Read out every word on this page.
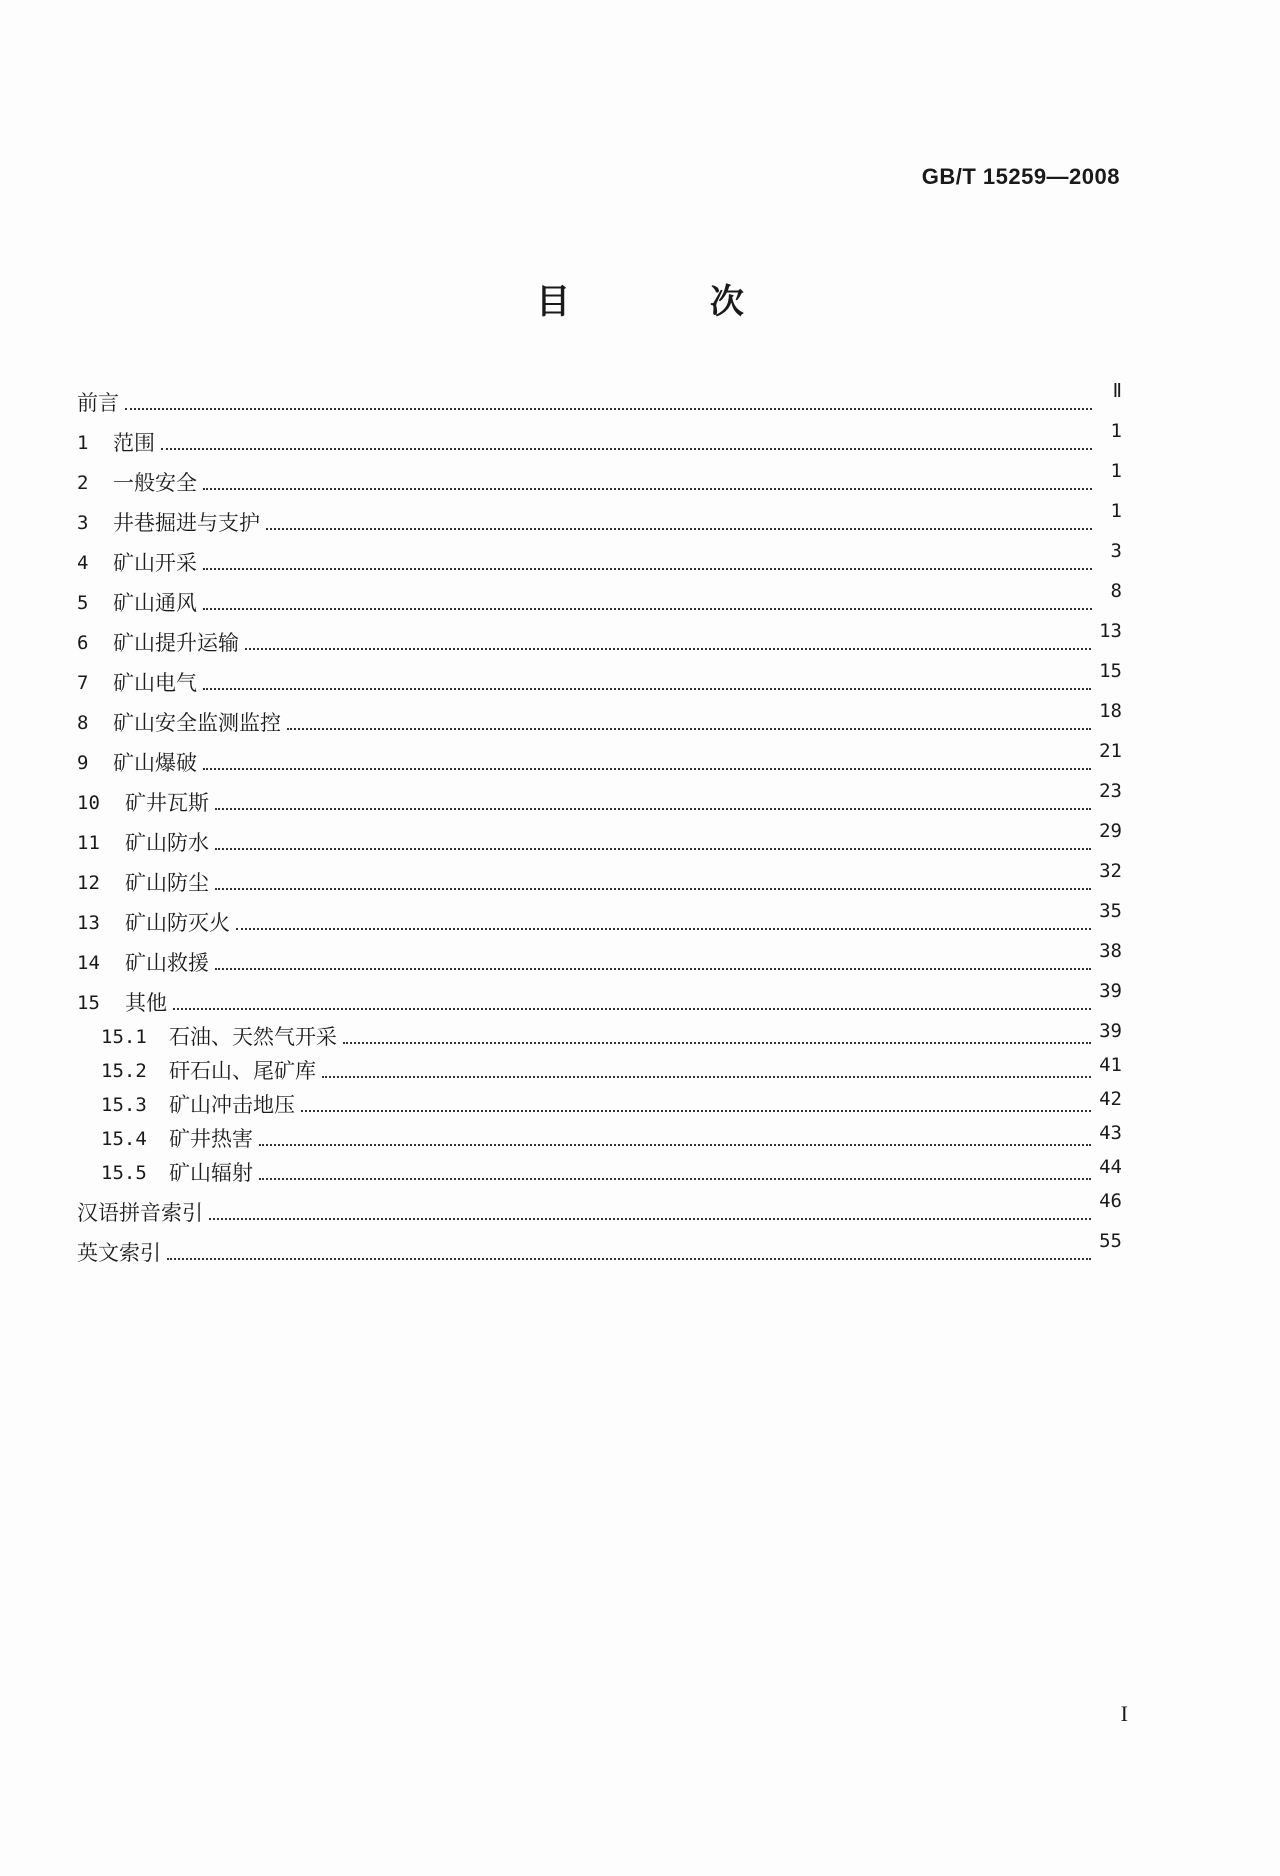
GB/T 15259—2008
目 次
前言	Ⅱ
1	范围	1
2	一般安全	1
3	井巷掘进与支护	1
4	矿山开采	3
5	矿山通风	8
6	矿山提升运输	13
7	矿山电气	15
8	矿山安全监测监控	18
9	矿山爆破	21
10	矿井瓦斯	23
11	矿山防水	29
12	矿山防尘	32
13	矿山防灭火	35
14	矿山救援	38
15	其他	39
15.1	石油、天然气开采	39
15.2	矸石山、尾矿库	41
15.3	矿山冲击地压	42
15.4	矿井热害	43
15.5	矿山辐射	44
汉语拼音索引	46
英文索引	55
I
